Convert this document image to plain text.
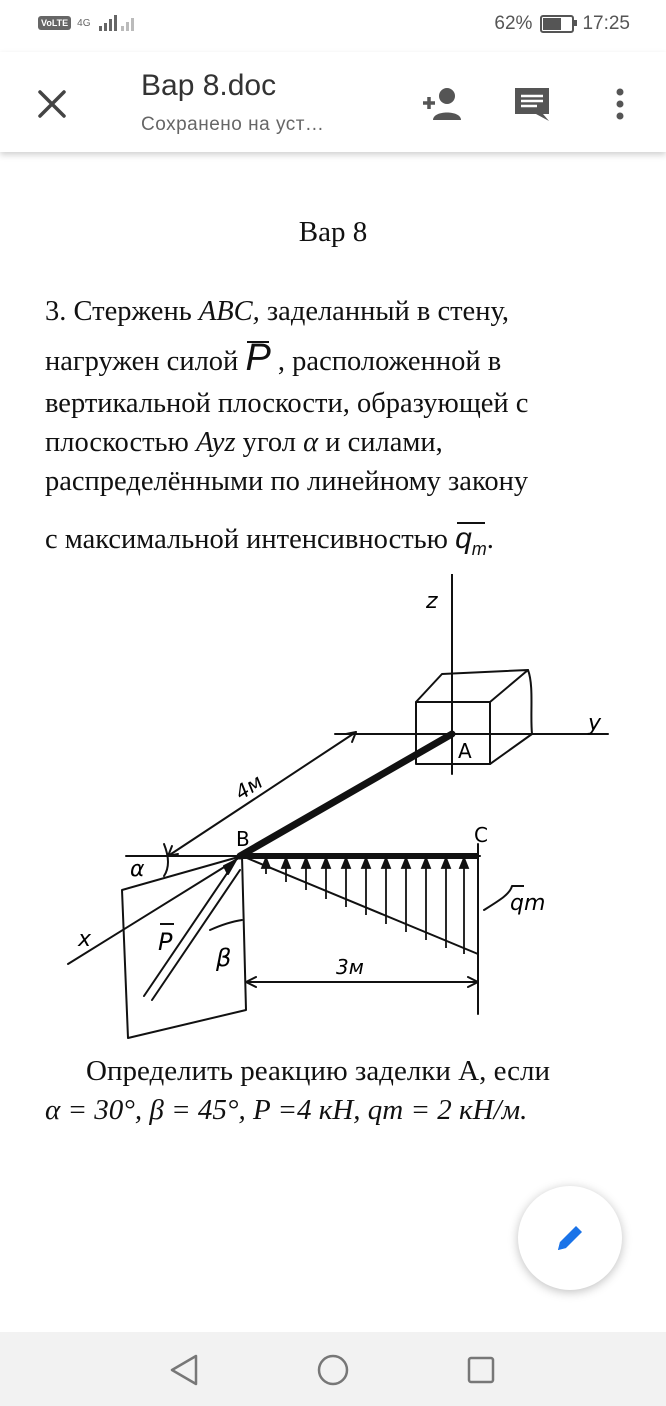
VoLTE 4G	62%	17:25
Вар 8.doc
Сохранено на уст…
Вар 8
3. Стержень ABC, заделанный в стену,
нагружен силой P , расположенной в
вертикальной плоскости, образующей с
плоскостью Ayz угол α и силами,
распределёнными по линейному закону
с максимальной интенсивностью $q_m$.
z
y
x
A
B	C
4м
3м
α
β
P
qm
Определить реакцию заделки A, если
α = 30°, β = 45°, P =4 кН, qm = 2 кН/м.
